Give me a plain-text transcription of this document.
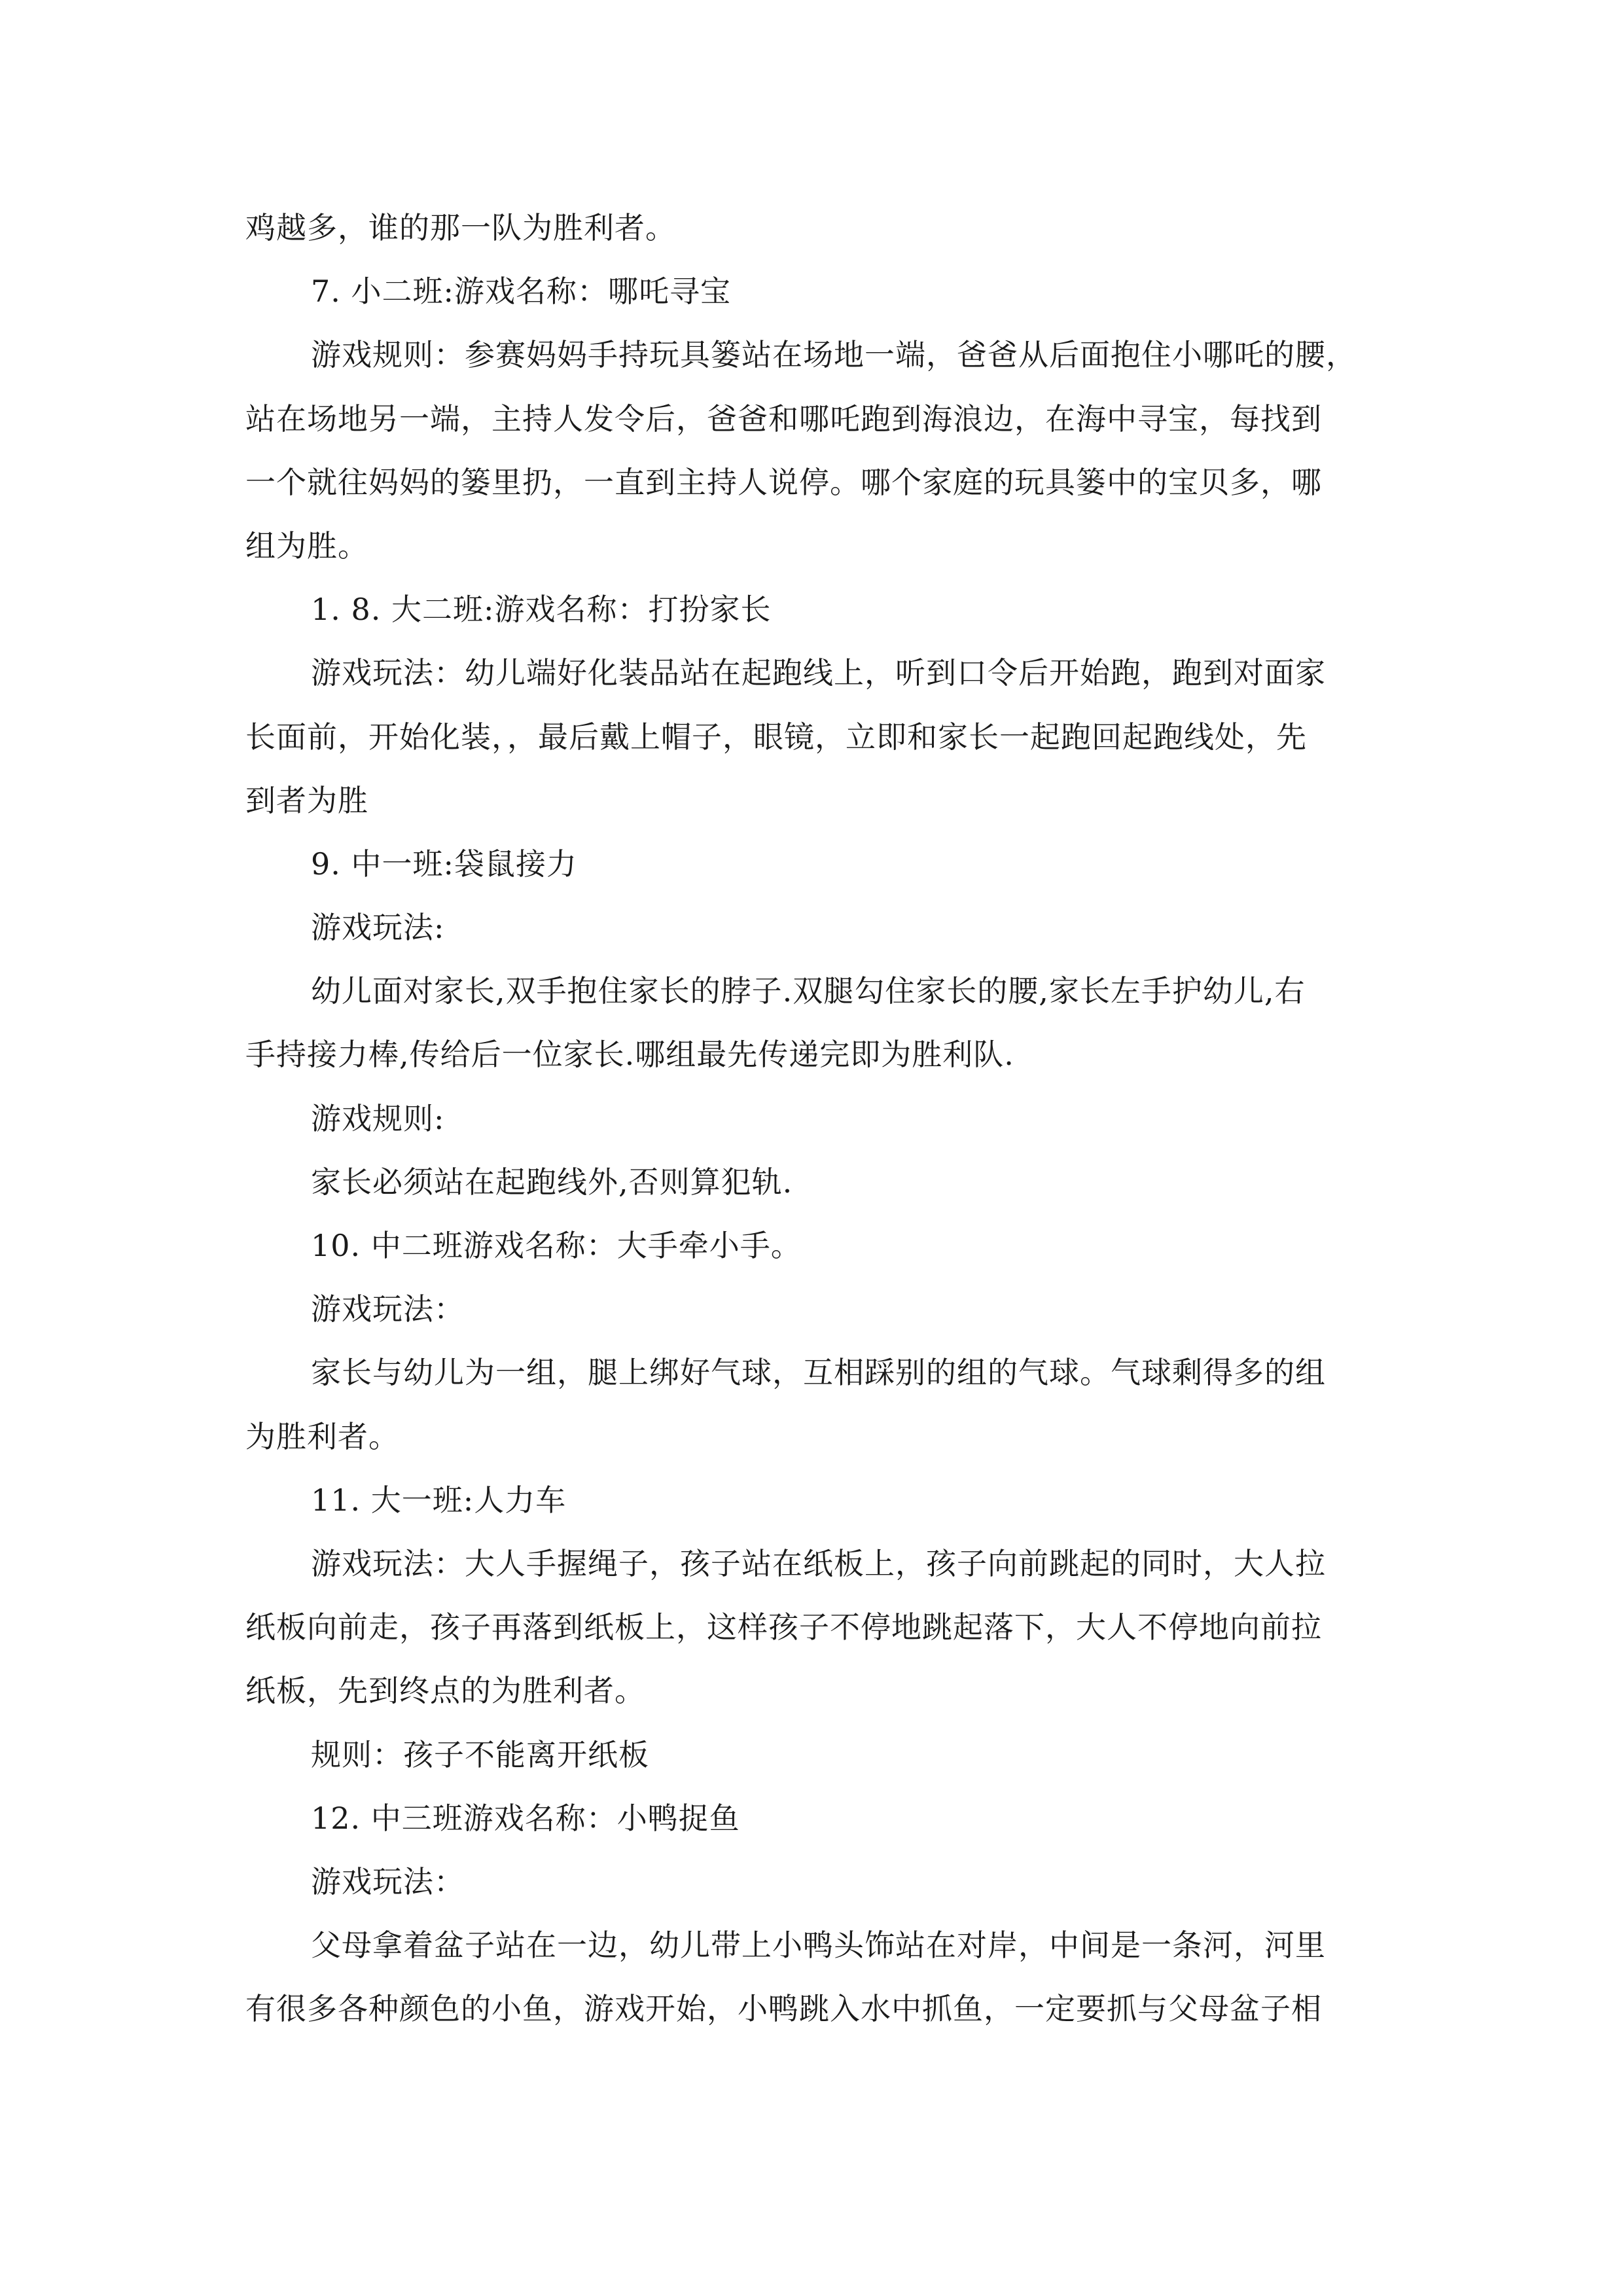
鸡越多，谁的那一队为胜利者。
7. 小二班:游戏名称：哪吒寻宝
游戏规则：参赛妈妈手持玩具篓站在场地一端，爸爸从后面抱住小哪吒的腰，
站在场地另一端，主持人发令后，爸爸和哪吒跑到海浪边，在海中寻宝，每找到
一个就往妈妈的篓里扔，一直到主持人说停。哪个家庭的玩具篓中的宝贝多，哪
组为胜。
1. 8. 大二班:游戏名称：打扮家长
游戏玩法：幼儿端好化装品站在起跑线上，听到口令后开始跑，跑到对面家
长面前，开始化装，，最后戴上帽子，眼镜，立即和家长一起跑回起跑线处，先
到者为胜
9. 中一班:袋鼠接力
游戏玩法:
幼儿面对家长,双手抱住家长的脖子.双腿勾住家长的腰,家长左手护幼儿,右
手持接力棒,传给后一位家长.哪组最先传递完即为胜利队.
游戏规则:
家长必须站在起跑线外,否则算犯轨.
10. 中二班游戏名称：大手牵小手。
游戏玩法：
家长与幼儿为一组，腿上绑好气球，互相踩别的组的气球。气球剩得多的组
为胜利者。
11. 大一班:人力车
游戏玩法：大人手握绳子，孩子站在纸板上，孩子向前跳起的同时，大人拉
纸板向前走，孩子再落到纸板上，这样孩子不停地跳起落下，大人不停地向前拉
纸板，先到终点的为胜利者。
规则：孩子不能离开纸板
12. 中三班游戏名称：小鸭捉鱼
游戏玩法：
父母拿着盆子站在一边，幼儿带上小鸭头饰站在对岸，中间是一条河，河里
有很多各种颜色的小鱼，游戏开始，小鸭跳入水中抓鱼，一定要抓与父母盆子相
